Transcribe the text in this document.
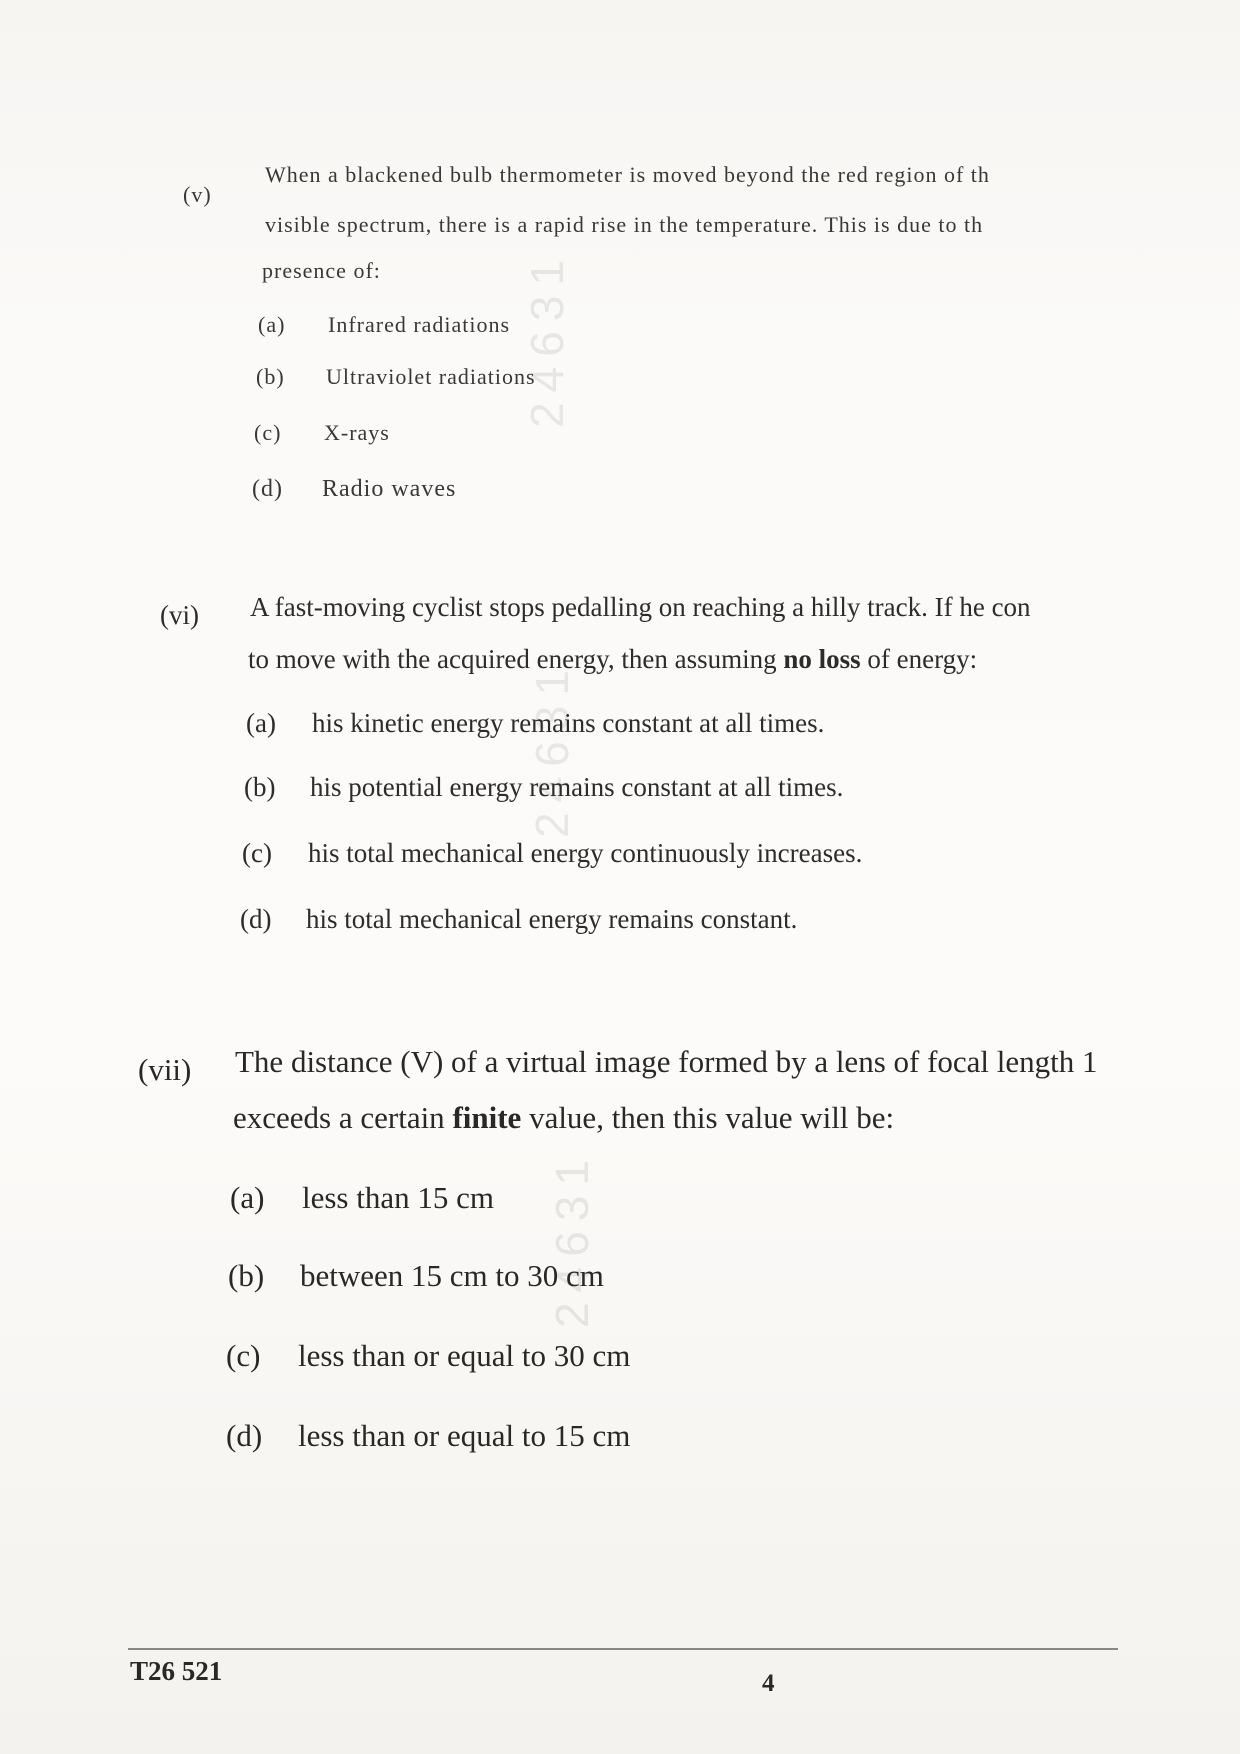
24631
24631
24631
(v)
When a blackened bulb thermometer is moved beyond the red region of th
visible spectrum, there is a rapid rise in the temperature. This is due to th
presence of:
(a) Infrared radiations
(b) Ultraviolet radiations
(c) X-rays
(d) Radio waves
(vi) A fast-moving cyclist stops pedalling on reaching a hilly track. If he con
to move with the acquired energy, then assuming no loss of energy:
(a) his kinetic energy remains constant at all times.
(b) his potential energy remains constant at all times.
(c) his total mechanical energy continuously increases.
(d) his total mechanical energy remains constant.
(vii) The distance (V) of a virtual image formed by a lens of focal length 1
exceeds a certain finite value, then this value will be:
(a) less than 15 cm
(b) between 15 cm to 30 cm
(c) less than or equal to 30 cm
(d) less than or equal to 15 cm
T26 521	4
